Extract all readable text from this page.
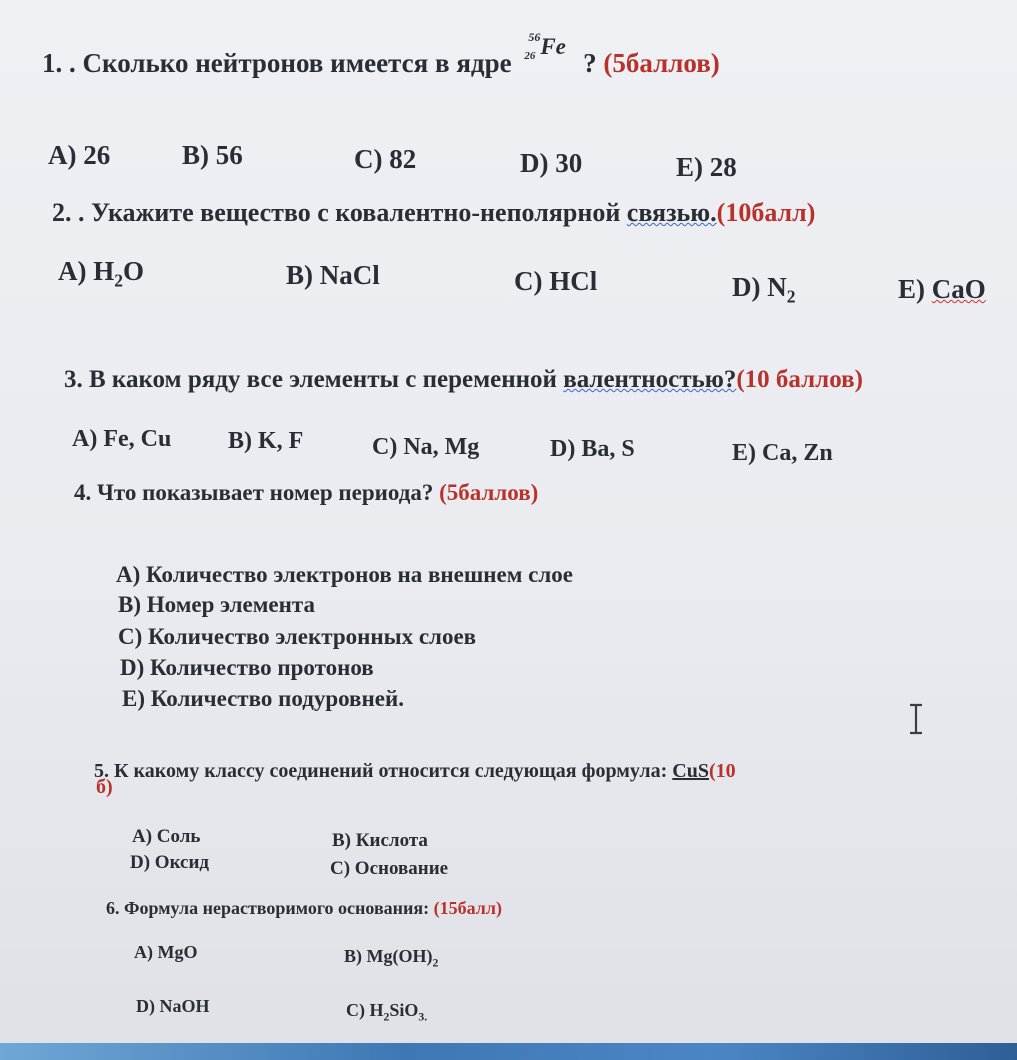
1. . Сколько нейтронов имеется в ядре
56
26 Fe
? (5баллов)
А) 26	В) 56	С) 82	D) 30	Е) 28
2. . Укажите вещество с ковалентно-неполярной связью.(10балл)
А) $H_2O$	В) NaCl	С) HCl	D) $N_2$	Е) CaO
3. В каком ряду все элементы с переменной валентностью?(10 баллов)
А) Fe, Cu В) K, F	С) Na, Mg	D) Ba, S	Е) Ca, Zn
4. Что показывает номер периода? (5баллов)
А) Количество электронов на внешнем слое
В) Номер элемента
С) Количество электронных слоев
D) Количество протонов
Е) Количество подуровней.
5. К какому классу соединений относится следующая формула: CuS(10
б)
А) Соль	В) Кислота
D) Оксид	С) Основание
6. Формула нерастворимого основания: (15балл)
А) MgO	В) $Mg(OH)_2$
D) NaOH	С) $H_2SiO_{3.}$
